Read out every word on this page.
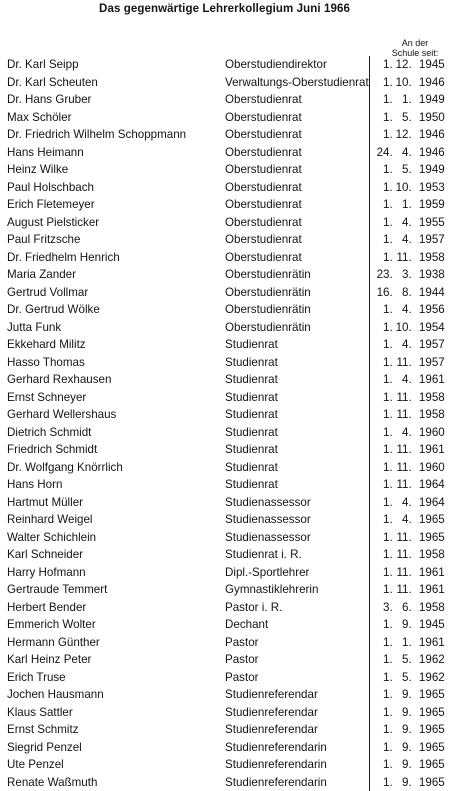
Das gegenwärtige Lehrerkollegium Juni 1966
An der
Schule seit:
Dr. Karl Seipp	Oberstudiendirektor	1. 12. 1945
Dr. Karl Scheuten	Verwaltungs-Oberstudienrat	1. 10. 1946
Dr. Hans Gruber	Oberstudienrat	1. 1. 1949
Max Schöler	Oberstudienrat	1. 5. 1950
Dr. Friedrich Wilhelm Schoppmann	Oberstudienrat	1. 12. 1946
Hans Heimann	Oberstudienrat	24. 4. 1946
Heinz Wilke	Oberstudienrat	1. 5. 1949
Paul Holschbach	Oberstudienrat	1. 10. 1953
Erich Fletemeyer	Oberstudienrat	1. 1. 1959
August Pielsticker	Oberstudienrat	1. 4. 1955
Paul Fritzsche	Oberstudienrat	1. 4. 1957
Dr. Friedhelm Henrich	Oberstudienrat	1. 11. 1958
Maria Zander	Oberstudienrätin	23. 3. 1938
Gertrud Vollmar	Oberstudienrätin	16. 8. 1944
Dr. Gertrud Wölke	Oberstudienrätin	1. 4. 1956
Jutta Funk	Oberstudienrätin	1. 10. 1954
Ekkehard Militz	Studienrat	1. 4. 1957
Hasso Thomas	Studienrat	1. 11. 1957
Gerhard Rexhausen	Studienrat	1. 4. 1961
Ernst Schneyer	Studienrat	1. 11. 1958
Gerhard Wellershaus	Studienrat	1. 11. 1958
Dietrich Schmidt	Studienrat	1. 4. 1960
Friedrich Schmidt	Studienrat	1. 11. 1961
Dr. Wolfgang Knörrlich	Studienrat	1. 11. 1960
Hans Horn	Studienrat	1. 11. 1964
Hartmut Müller	Studienassessor	1. 4. 1964
Reinhard Weigel	Studienassessor	1. 4. 1965
Walter Schichlein	Studienassessor	1. 11. 1965
Karl Schneider	Studienrat i. R.	1. 11. 1958
Harry Hofmann	Dipl.-Sportlehrer	1. 11. 1961
Gertraude Temmert	Gymnastiklehrerin	1. 11. 1961
Herbert Bender	Pastor i. R.	3. 6. 1958
Emmerich Wolter	Dechant	1. 9. 1945
Hermann Günther	Pastor	1. 1. 1961
Karl Heinz Peter	Pastor	1. 5. 1962
Erich Truse	Pastor	1. 5. 1962
Jochen Hausmann	Studienreferendar	1. 9. 1965
Klaus Sattler	Studienreferendar	1. 9. 1965
Ernst Schmitz	Studienreferendar	1. 9. 1965
Siegrid Penzel	Studienreferendarin	1. 9. 1965
Ute Penzel	Studienreferendarin	1. 9. 1965
Renate Waßmuth	Studienreferendarin	1. 9. 1965
